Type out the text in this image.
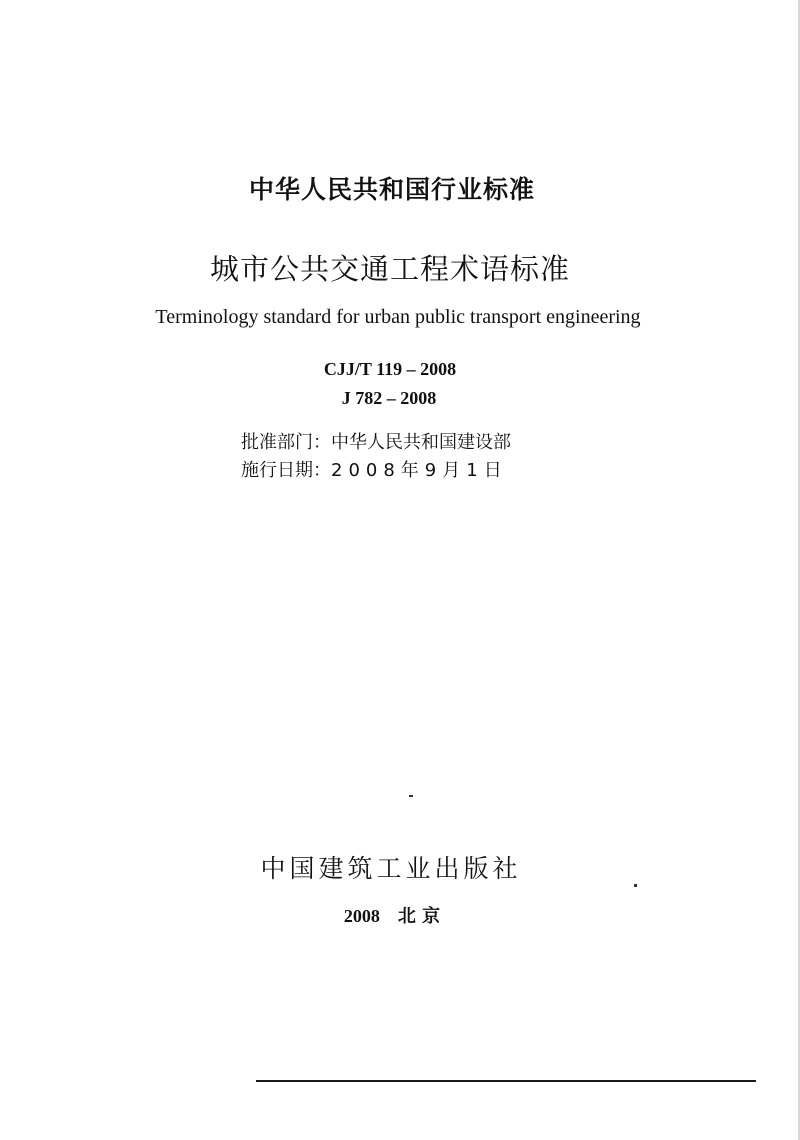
中华人民共和国行业标准
城市公共交通工程术语标准
Terminology standard for urban public transport engineering
CJJ/T 119 – 2008
J 782 – 2008
批准部门：中华人民共和国建设部
施行日期：2008年9月1日
中国建筑工业出版社
2008 北 京
